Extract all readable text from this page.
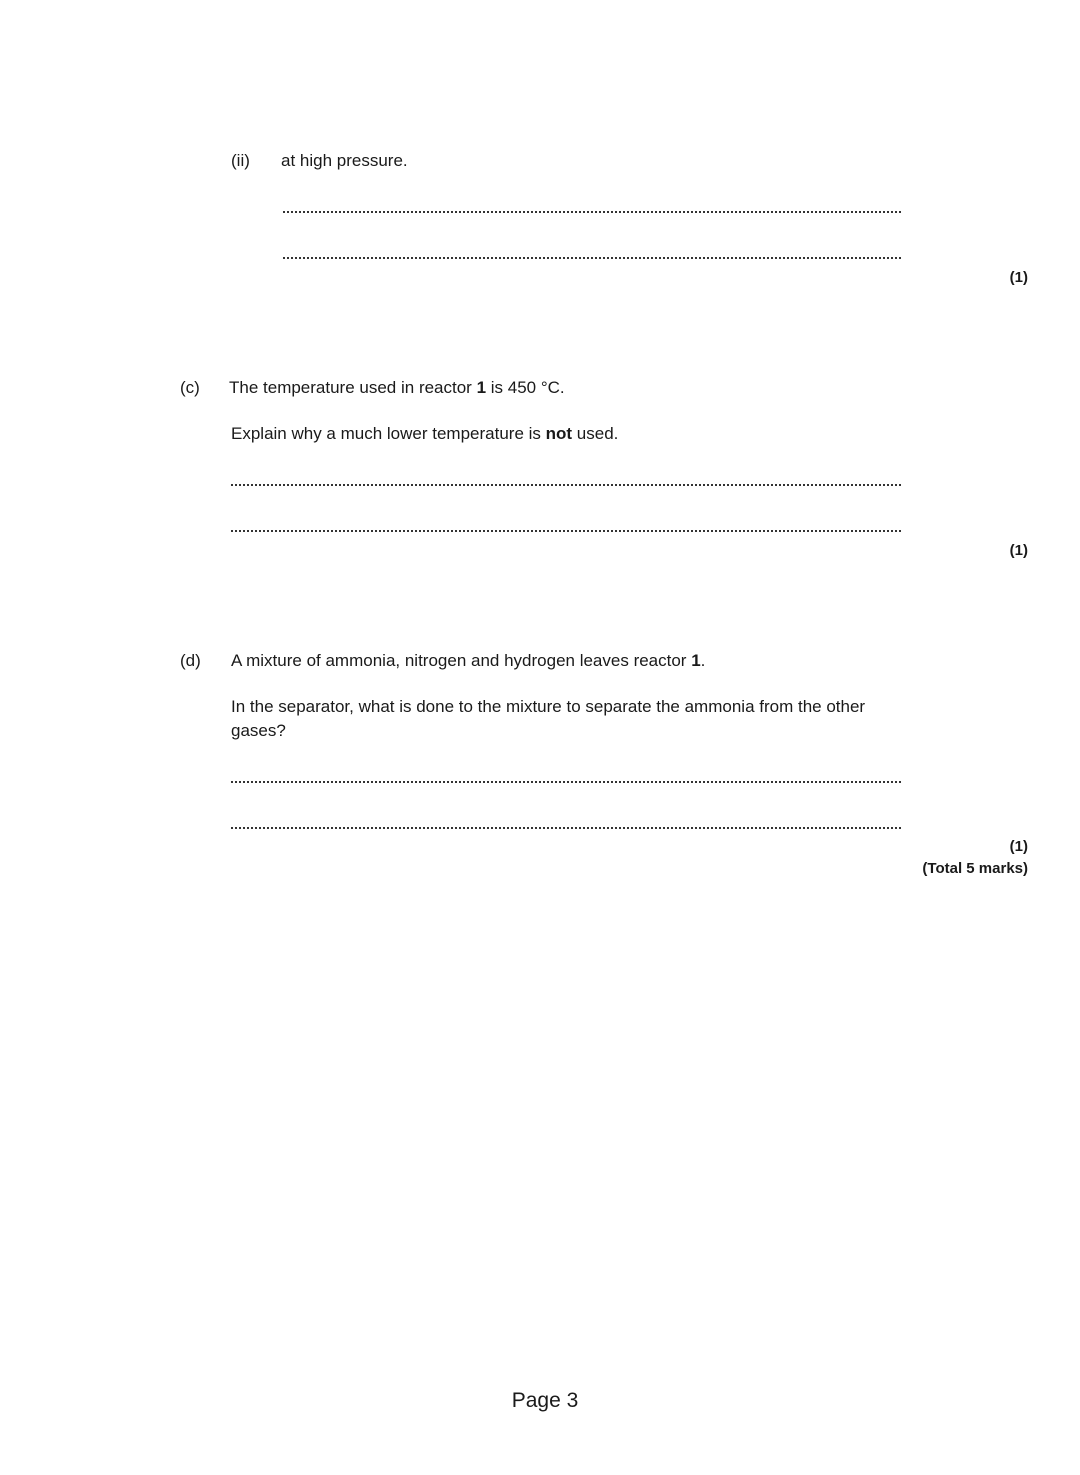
(ii) at high pressure.
(1)
(c) The temperature used in reactor 1 is 450 °C.
Explain why a much lower temperature is not used.
(1)
(d) A mixture of ammonia, nitrogen and hydrogen leaves reactor 1.
In the separator, what is done to the mixture to separate the ammonia from the other
gases?
(1)
(Total 5 marks)
Page 3
